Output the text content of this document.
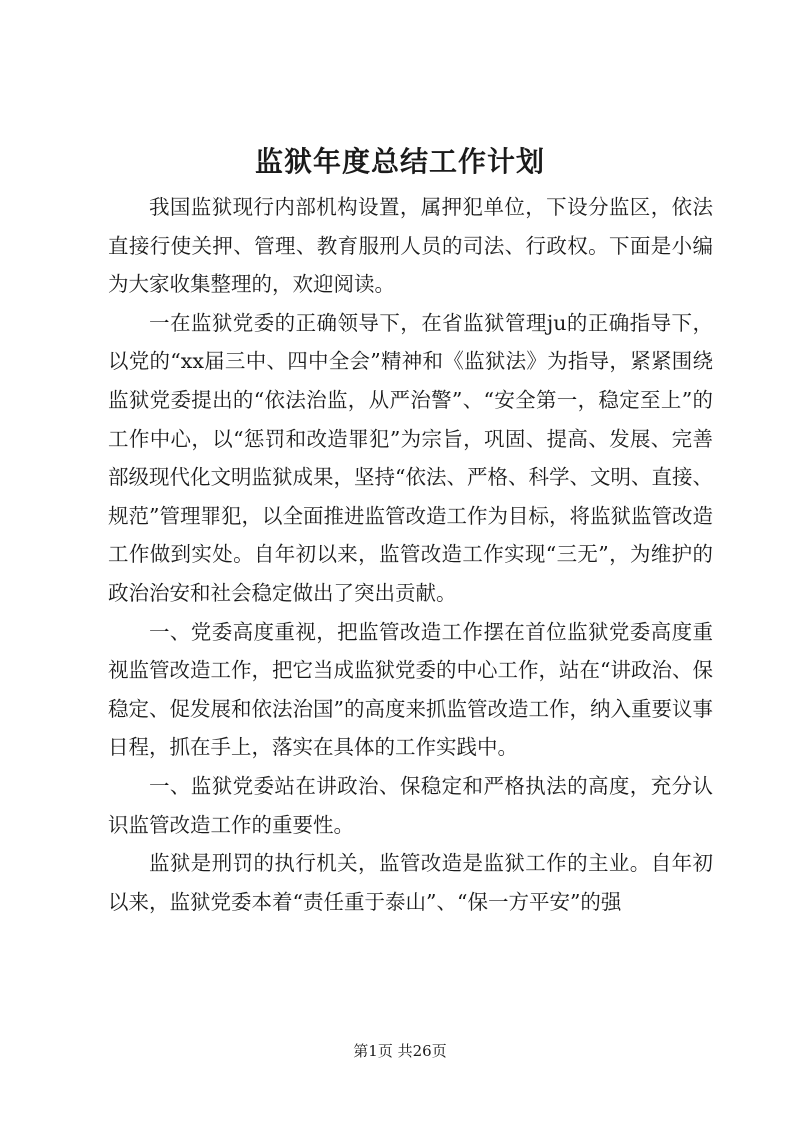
监狱年度总结工作计划

我国监狱现行内部机构设置，属押犯单位，下设分监区，依法直接行使关押、管理、教育服刑人员的司法、行政权。下面是小编为大家收集整理的，欢迎阅读。

一在监狱党委的正确领导下，在省监狱管理ju的正确指导下，以党的“xx届三中、四中全会”精神和《监狱法》为指导，紧紧围绕监狱党委提出的“依法治监，从严治警”、“安全第一，稳定至上”的工作中心，以“惩罚和改造罪犯”为宗旨，巩固、提高、发展、完善部级现代化文明监狱成果，坚持“依法、严格、科学、文明、直接、规范”管理罪犯，以全面推进监管改造工作为目标，将监狱监管改造工作做到实处。自年初以来，监管改造工作实现“三无”，为维护的政治治安和社会稳定做出了突出贡献。

一、党委高度重视，把监管改造工作摆在首位监狱党委高度重视监管改造工作，把它当成监狱党委的中心工作，站在“讲政治、保稳定、促发展和依法治国”的高度来抓监管改造工作，纳入重要议事日程，抓在手上，落实在具体的工作实践中。

一、监狱党委站在讲政治、保稳定和严格执法的高度，充分认识监管改造工作的重要性。

监狱是刑罚的执行机关，监管改造是监狱工作的主业。自年初以来，监狱党委本着“责任重于泰山”、“保一方平安”的强

第1页 共26页
